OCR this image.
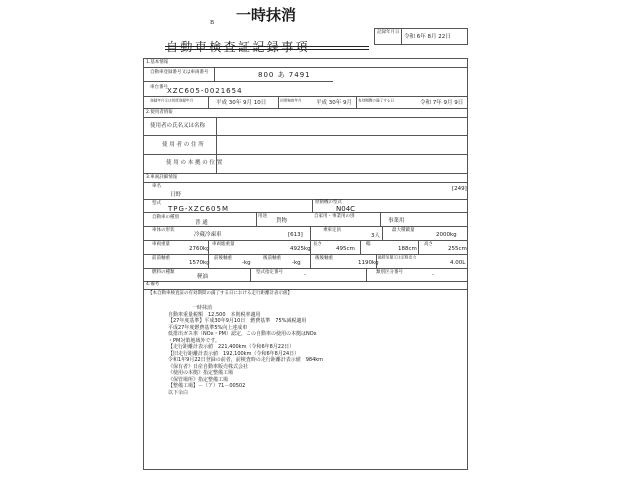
B 一時抹消
自動車検査証記録事項
記録年月日
令和 6年 8月 22日
1.基本情報
自動車登録番号又は車両番号	800 あ 7491
車台番号 XZC605-0021654
登録年月又は初度登録年月	平成 30年 9月 10日	初度検査年月	平成 30年 9月 有効期間の満了する日	令和 7年 9月 9日
2.使用者情報
使用者の氏名又は名称
使 用 者 の 住 所
使 用 の 本 拠 の 位 置
3.車両詳細情報
車名
日野
[249]
型式
TPG-XZC605M
原動機の型式
N04C
自動車の種別
普 通
用途
貨物
自家用・事業用の別
事業用
車体の形状
冷蔵冷凍車	[613]
乗車定員
3人
最大積載量
2000kg
車両重量
2760kg
車両総重量
4925kg
長さ
495cm
幅
188cm
高さ
255cm
前前軸重
1570kg
前後軸重
-kg
後前軸重
-kg
後後軸重
1190kg
総排気量又は定格出力
4.00L
燃料の種類
軽油
型式指定番号	-	類別区分番号	-
4.備考
【本自動車検査証の有効期間の満了する日における走行距離計表示値】
一時抹消
自動車重量税額　12,500　本則税率適用
【27年度基準】平成30年9月10日　燃費基準　75%減税適用
平成27年度燃費基準5%向上達成車
低排出ガス車（NOx・PM）認定，この自動車の使用の本拠はNOx
・PM対策地域外です。
【走行距離計表示値　221,400km（令和6年8月22日）
【旧走行距離計表示値　192,100km（令和6年8月24日）
令和1年9月22日登録の前者，前検査時の走行距離計表示値　984km
《保有者》日産自動車販売株式会社
《使用の本拠》指定整備工場
《保管場所》指定整備工場
【整備工場】－（ア）71－00502
以下余白
